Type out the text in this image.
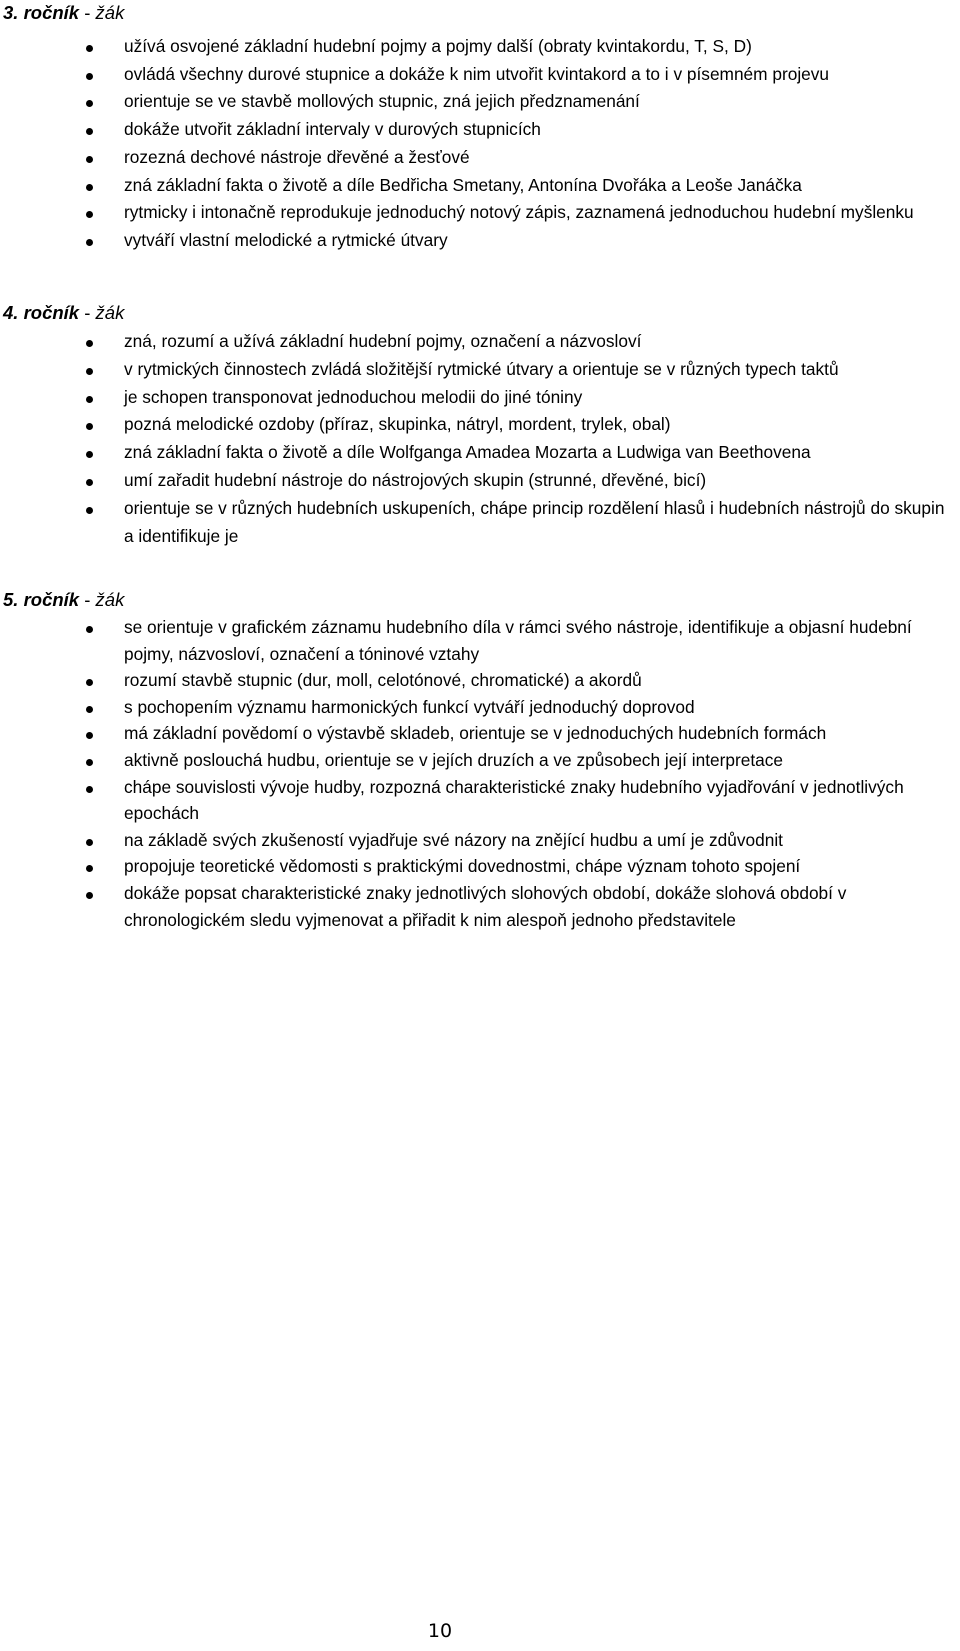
3. ročník - žák
užívá osvojené základní hudební pojmy a pojmy další (obraty kvintakordu, T, S, D)
ovládá všechny durové stupnice a dokáže k nim utvořit kvintakord a to i v písemném projevu
orientuje se ve stavbě mollových stupnic, zná jejich předznamenání
dokáže utvořit základní intervaly v durových stupnicích
rozezná dechové nástroje dřevěné a žesťové
zná základní fakta o životě a díle Bedřicha Smetany, Antonína Dvořáka a Leoše Janáčka
rytmicky i intonačně reprodukuje jednoduchý notový zápis, zaznamená jednoduchou hudební myšlenku
vytváří vlastní melodické a rytmické útvary
4. ročník - žák
zná, rozumí a užívá základní hudební pojmy, označení a názvosloví
v rytmických činnostech zvládá složitější rytmické útvary a orientuje se v různých typech taktů
je schopen transponovat jednoduchou melodii do jiné tóniny
pozná melodické ozdoby (příraz, skupinka, nátryl, mordent, trylek, obal)
zná základní fakta o životě a díle Wolfganga Amadea Mozarta a Ludwiga van Beethovena
umí zařadit hudební nástroje do nástrojových skupin (strunné, dřevěné, bicí)
orientuje se v různých hudebních uskupeních, chápe princip rozdělení hlasů i hudebních nástrojů do skupin a identifikuje je
5. ročník - žák
se orientuje v grafickém záznamu hudebního díla v rámci svého nástroje, identifikuje a objasní hudební pojmy, názvosloví, označení a tóninové vztahy
rozumí stavbě stupnic (dur, moll, celotónové, chromatické) a akordů
s pochopením významu harmonických funkcí vytváří jednoduchý doprovod
má základní povědomí o výstavbě skladeb, orientuje se v jednoduchých hudebních formách
aktivně poslouchá hudbu, orientuje se v jejích druzích a ve způsobech její interpretace
chápe souvislosti vývoje hudby, rozpozná charakteristické znaky hudebního vyjadřování v jednotlivých epochách
na základě svých zkušeností vyjadřuje své názory na znějící hudbu a umí je zdůvodnit
propojuje teoretické vědomosti s praktickými dovednostmi, chápe význam tohoto spojení
dokáže popsat charakteristické znaky jednotlivých slohových období, dokáže slohová období v chronologickém sledu vyjmenovat a přiřadit k nim alespoň jednoho představitele
10
